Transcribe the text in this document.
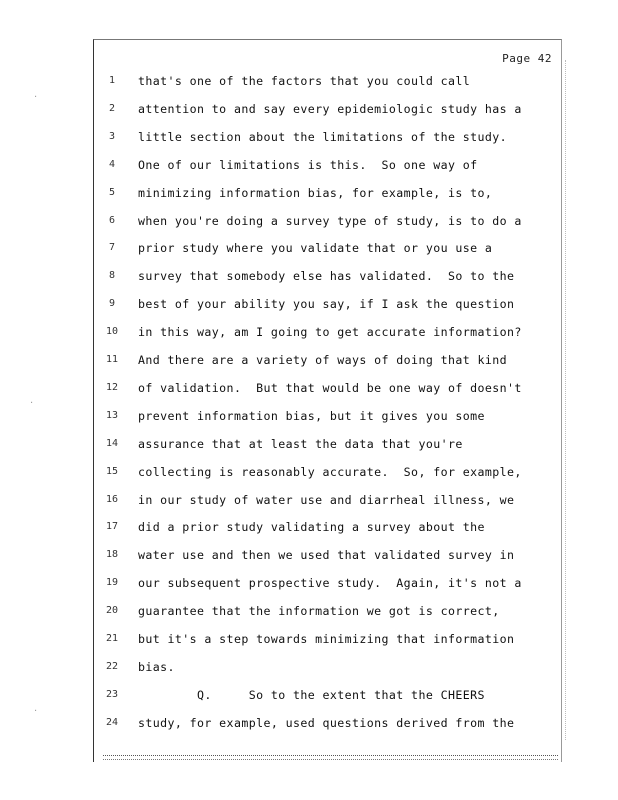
Page 42
1	that's one of the factors that you could call
2	attention to and say every epidemiologic study has a
3	little section about the limitations of the study.
4	One of our limitations is this.  So one way of
5	minimizing information bias, for example, is to,
6	when you're doing a survey type of study, is to do a
7	prior study where you validate that or you use a
8	survey that somebody else has validated.  So to the
9	best of your ability you say, if I ask the question
10 in this way, am I going to get accurate information?
11 And there are a variety of ways of doing that kind
12 of validation.  But that would be one way of doesn't
13 prevent information bias, but it gives you some
14 assurance that at least the data that you're
15 collecting is reasonably accurate.  So, for example,
16 in our study of water use and diarrheal illness, we
17 did a prior study validating a survey about the
18 water use and then we used that validated survey in
19 our subsequent prospective study.  Again, it's not a
20 guarantee that the information we got is correct,
21 but it's a step towards minimizing that information
22 bias.
23 Q.     So to the extent that the CHEERS
24 study, for example, used questions derived from the
·
·
·
